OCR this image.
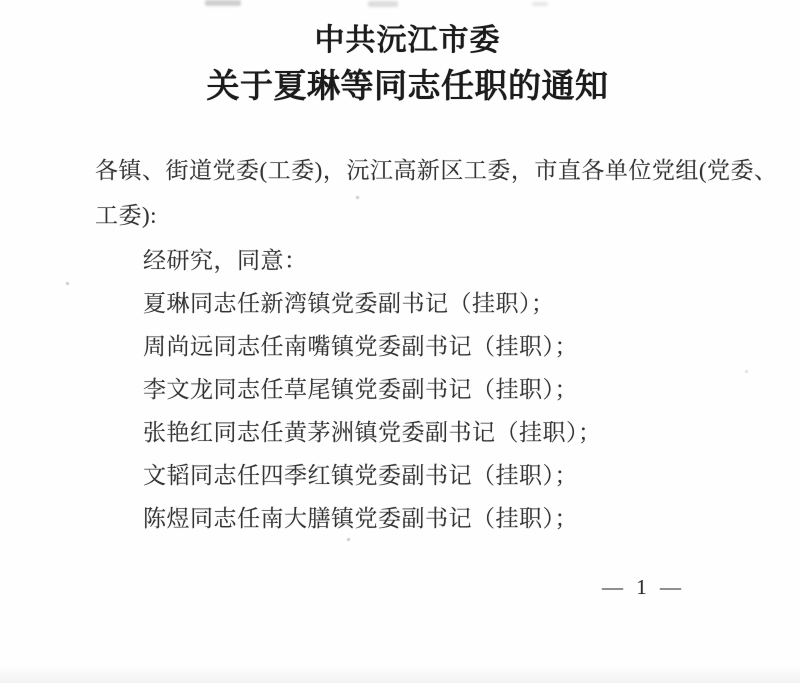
中共沅江市委
关于夏琳等同志任职的通知
各镇、街道党委(工委)，沅江高新区工委，市直各单位党组(党委、
工委):
经研究，同意：
夏琳同志任新湾镇党委副书记（挂职）；
周尚远同志任南嘴镇党委副书记（挂职）；
李文龙同志任草尾镇党委副书记（挂职）；
张艳红同志任黄茅洲镇党委副书记（挂职）；
文韬同志任四季红镇党委副书记（挂职）；
陈煜同志任南大膳镇党委副书记（挂职）；
— 1 —
